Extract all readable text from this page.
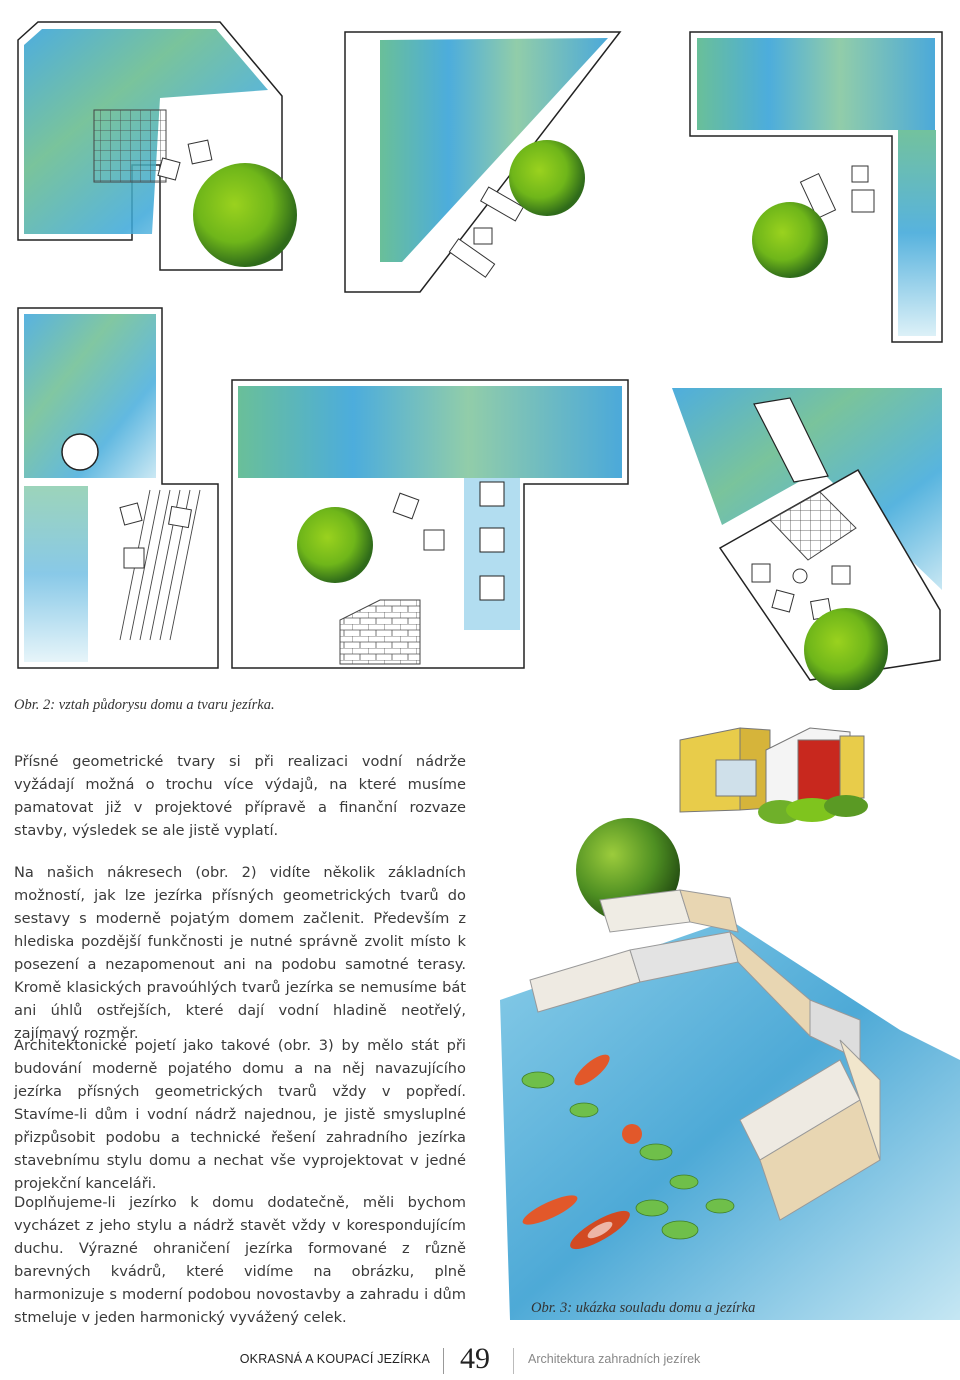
Obr. 2: vztah půdorysu domu a tvaru jezírka.

Přísné geometrické tvary si při realizaci vodní nádrže vyžádají možná o trochu více výdajů, na které musíme pamatovat již v projektové přípravě a finanční rozvaze stavby, výsledek se ale jistě vyplatí.

Na našich nákresech (obr. 2) vidíte několik základních možností, jak lze jezírka přísných geometrických tvarů do sestavy s moderně pojatým domem začlenit. Především z hlediska pozdější funkčnosti je nutné správně zvolit místo k posezení a nezapomenout ani na podobu samotné terasy. Kromě klasických pravoúhlých tvarů jezírka se nemusíme bát ani úhlů ostřejších, které dají vodní hladině neotřelý, zajímavý rozměr.

Architektonické pojetí jako takové (obr. 3) by mělo stát při budování moderně pojatého domu a na něj navazujícího jezírka přísných geometrických tvarů vždy v popředí. Stavíme-li dům i vodní nádrž najednou, je jistě smysluplné přizpůsobit podobu a technické řešení zahradního jezírka stavebnímu stylu domu a nechat vše vyprojektovat v jedné projekční kanceláři.

Doplňujeme-li jezírko k domu dodatečně, měli bychom vycházet z jeho stylu a nádrž stavět vždy v korespondujícím duchu. Výrazné ohraničení jezírka formované z různě barevných kvádrů, které vidíme na obrázku, plně harmonizuje s moderní podobou novostavby a zahradu i dům stmeluje v jeden harmonický vyvážený celek.

Obr. 3: ukázka souladu domu a jezírka
OKRASNÁ A KOUPACÍ JEZÍRKA 49	Architektura zahradních jezírek
